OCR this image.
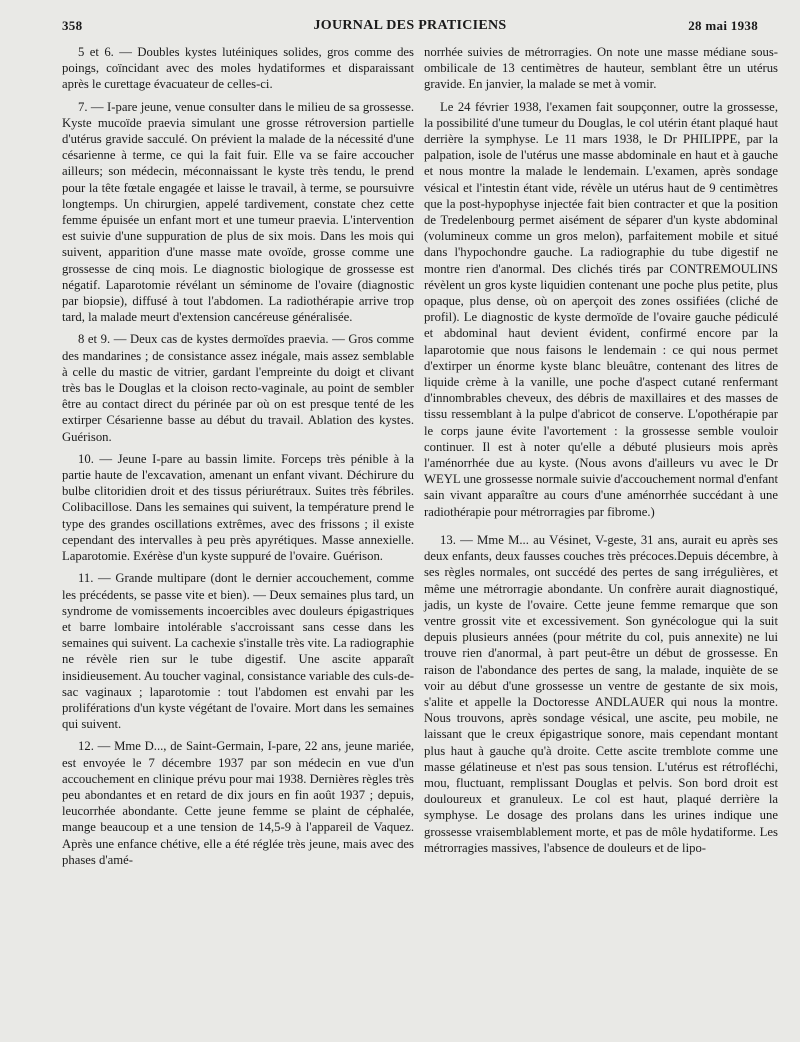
358	JOURNAL DES PRATICIENS	28 mai 1938

5 et 6. — Doubles kystes lutéiniques solides, gros comme des poings, coïncidant avec des moles hydatiformes et disparaissant après le curettage évacuateur de celles-ci.

7. — I-pare jeune, venue consulter dans le milieu de sa grossesse. Kyste mucoïde praevia simulant une grosse rétroversion partielle d'utérus gravide sacculé. On prévient la malade de la nécessité d'une césarienne à terme, ce qui la fait fuir. Elle va se faire accoucher ailleurs; son médecin, méconnaissant le kyste très tendu, le prend pour la tête fœtale engagée et laisse le travail, à terme, se poursuivre longtemps. Un chirurgien, appelé tardivement, constate chez cette femme épuisée un enfant mort et une tumeur praevia. L'intervention est suivie d'une suppuration de plus de six mois. Dans les mois qui suivent, apparition d'une masse mate ovoïde, grosse comme une grossesse de cinq mois. Le diagnostic biologique de grossesse est négatif. Laparotomie révélant un séminome de l'ovaire (diagnostic par biopsie), diffusé à tout l'abdomen. La radiothérapie arrive trop tard, la malade meurt d'extension cancéreuse généralisée.

8 et 9. — Deux cas de kystes dermoïdes praevia. — Gros comme des mandarines ; de consistance assez inégale, mais assez semblable à celle du mastic de vitrier, gardant l'empreinte du doigt et clivant très bas le Douglas et la cloison recto-vaginale, au point de sembler être au contact direct du périnée par où on est presque tenté de les extirper Césarienne basse au début du travail. Ablation des kystes. Guérison.

10. — Jeune I-pare au bassin limite. Forceps très pénible à la partie haute de l'excavation, amenant un enfant vivant. Déchirure du bulbe clitoridien droit et des tissus périurétraux. Suites très fébriles. Colibacillose. Dans les semaines qui suivent, la température prend le type des grandes oscillations extrêmes, avec des frissons ; il existe cependant des intervalles à peu près apyrétiques. Masse annexielle. Laparotomie. Exérèse d'un kyste suppuré de l'ovaire. Guérison.

11. — Grande multipare (dont le dernier accouchement, comme les précédents, se passe vite et bien). — Deux semaines plus tard, un syndrome de vomissements incoercibles avec douleurs épigastriques et barre lombaire intolérable s'accroissant sans cesse dans les semaines qui suivent. La cachexie s'installe très vite. La radiographie ne révèle rien sur le tube digestif. Une ascite apparaît insidieusement. Au toucher vaginal, consistance variable des culs-de-sac vaginaux ; laparotomie : tout l'abdomen est envahi par les proliférations d'un kyste végétant de l'ovaire. Mort dans les semaines qui suivent.

12. — Mme D..., de Saint-Germain, I-pare, 22 ans, jeune mariée, est envoyée le 7 décembre 1937 par son médecin en vue d'un accouchement en clinique prévu pour mai 1938. Dernières règles très peu abondantes et en retard de dix jours en fin août 1937 ; depuis, leucorrhée abondante. Cette jeune femme se plaint de céphalée, mange beaucoup et a une tension de 14,5-9 à l'appareil de Vaquez. Après une enfance chétive, elle a été réglée très jeune, mais avec des phases d'amé-

norrhée suivies de métrorragies. On note une masse médiane sous-ombilicale de 13 centimètres de hauteur, semblant être un utérus gravide. En janvier, la malade se met à vomir.

Le 24 février 1938, l'examen fait soupçonner, outre la grossesse, la possibilité d'une tumeur du Douglas, le col utérin étant plaqué haut derrière la symphyse. Le 11 mars 1938, le Dr PHILIPPE, par la palpation, isole de l'utérus une masse abdominale en haut et à gauche et nous montre la malade le lendemain. L'examen, après sondage vésical et l'intestin étant vide, révèle un utérus haut de 9 centimètres que la post-hypophyse injectée fait bien contracter et que la position de Tredelenbourg permet aisément de séparer d'un kyste abdominal (volumineux comme un gros melon), parfaitement mobile et situé dans l'hypochondre gauche. La radiographie du tube digestif ne montre rien d'anormal. Des clichés tirés par CONTREMOULINS révèlent un gros kyste liquidien contenant une poche plus petite, plus opaque, plus dense, où on aperçoit des zones ossifiées (cliché de profil). Le diagnostic de kyste dermoïde de l'ovaire gauche pédiculé et abdominal haut devient évident, confirmé encore par la laparotomie que nous faisons le lendemain : ce qui nous permet d'extirper un énorme kyste blanc bleuâtre, contenant des litres de liquide crème à la vanille, une poche d'aspect cutané renfermant d'innombrables cheveux, des débris de maxillaires et des masses de tissu ressemblant à la pulpe d'abricot de conserve. L'opothérapie par le corps jaune évite l'avortement : la grossesse semble vouloir continuer. Il est à noter qu'elle a débuté plusieurs mois après l'aménorrhée due au kyste. (Nous avons d'ailleurs vu avec le Dr WEYL une grossesse normale suivie d'accouchement normal d'enfant sain vivant apparaître au cours d'une aménorrhée succédant à une radiothérapie pour métrorragies par fibrome.)

13. — Mme M... au Vésinet, V-geste, 31 ans, aurait eu après ses deux enfants, deux fausses couches très précoces.Depuis décembre, à ses règles normales, ont succédé des pertes de sang irrégulières, et même une métrorragie abondante. Un confrère aurait diagnostiqué, jadis, un kyste de l'ovaire. Cette jeune femme remarque que son ventre grossit vite et excessivement. Son gynécologue qui la suit depuis plusieurs années (pour métrite du col, puis annexite) ne lui trouve rien d'anormal, à part peut-être un début de grossesse. En raison de l'abondance des pertes de sang, la malade, inquiète de se voir au début d'une grossesse un ventre de gestante de six mois, s'alite et appelle la Doctoresse ANDLAUER qui nous la montre. Nous trouvons, après sondage vésical, une ascite, peu mobile, ne laissant que le creux épigastrique sonore, mais cependant montant plus haut à gauche qu'à droite. Cette ascite tremblote comme une masse gélatineuse et n'est pas sous tension. L'utérus est rétrofléchi, mou, fluctuant, remplissant Douglas et pelvis. Son bord droit est douloureux et granuleux. Le col est haut, plaqué derrière la symphyse. Le dosage des prolans dans les urines indique une grossesse vraisemblablement morte, et pas de môle hydatiforme. Les métrorragies massives, l'absence de douleurs et de lipo-
